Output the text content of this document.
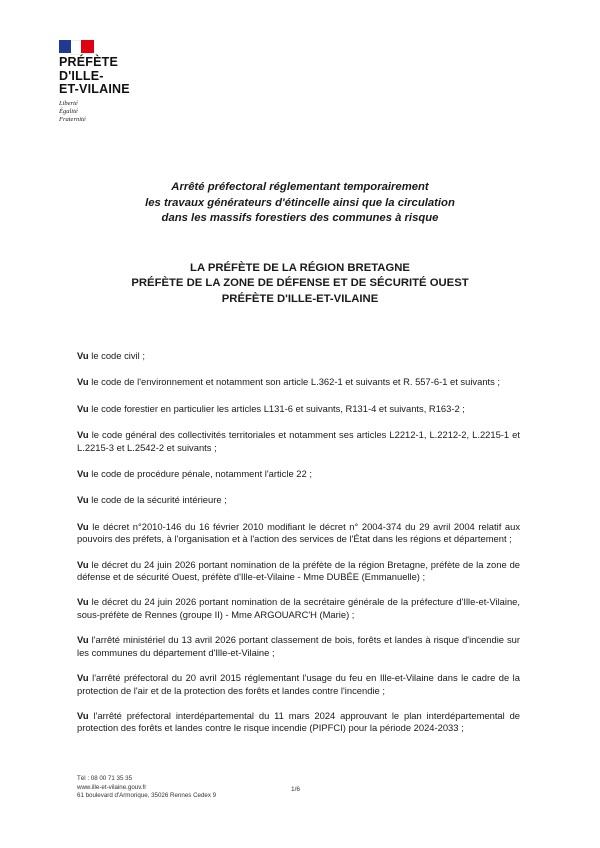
PRÉFÈTE

D'ILLE-

ET-VILAINE

Liberté
Égalité
Fraternité
Arrêté préfectoral réglementant temporairement
les travaux générateurs d'étincelle ainsi que la circulation
dans les massifs forestiers des communes à risque
LA PRÉFÈTE DE LA RÉGION BRETAGNE
PRÉFÈTE DE LA ZONE DE DÉFENSE ET DE SÉCURITÉ OUEST
PRÉFÈTE D'ILLE-ET-VILAINE

Vu le code civil ;

Vu le code de l'environnement et notamment son article L.362-1 et suivants et R. 557-6-1 et suivants ;

Vu le code forestier en particulier les articles L131-6 et suivants, R131-4 et suivants, R163-2 ;

Vu le code général des collectivités territoriales et notamment ses articles L2212-1, L.2212-2, L.2215-1 et L.2215-3 et L.2542-2 et suivants ;

Vu le code de procédure pénale, notamment l'article 22 ;

Vu le code de la sécurité intérieure ;

Vu le décret n°2010-146 du 16 février 2010 modifiant le décret n° 2004-374 du 29 avril 2004 relatif aux pouvoirs des préfets, à l'organisation et à l'action des services de l'État dans les régions et département ;

Vu le décret du 24 juin 2026 portant nomination de la préfète de la région Bretagne, préfète de la zone de défense et de sécurité Ouest, préfète d'Ille-et-Vilaine - Mme DUBÉE (Emmanuelle) ;

Vu le décret du 24 juin 2026 portant nomination de la secrétaire générale de la préfecture d'Ille-et-Vilaine, sous-préfète de Rennes (groupe II) - Mme ARGOUARC'H (Marie) ;

Vu l'arrêté ministériel du 13 avril 2026 portant classement de bois, forêts et landes à risque d'incendie sur les communes du département d'Ille-et-Vilaine ;

Vu l'arrêté préfectoral du 20 avril 2015 réglementant l'usage du feu en Ille-et-Vilaine dans le cadre de la protection de l'air et de la protection des forêts et landes contre l'incendie ;

Vu l'arrêté préfectoral interdépartemental du 11 mars 2024 approuvant le plan interdépartemental de protection des forêts et landes contre le risque incendie (PIPFCI) pour la période 2024-2033 ;

Tél : 08 00 71 35 35
www.ille-et-vilaine.gouv.fr
61 boulevard d'Armorique, 35026 Rennes Cedex 9
1/6
